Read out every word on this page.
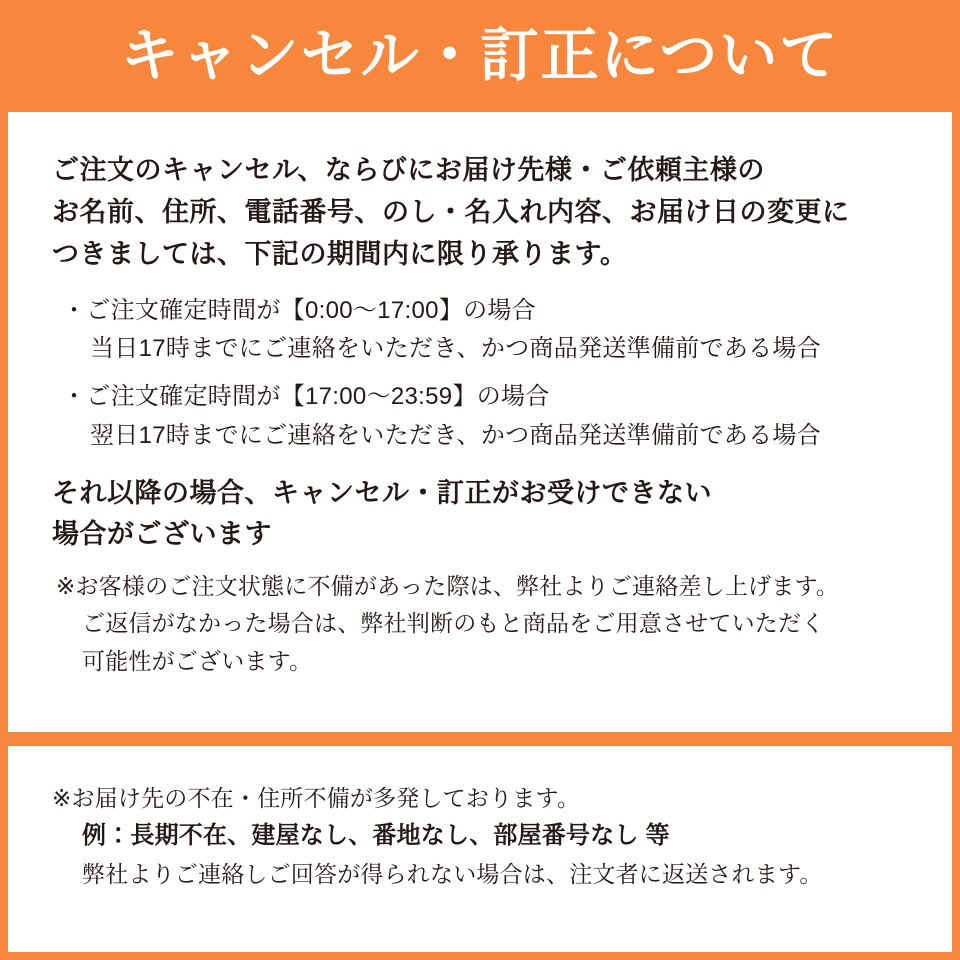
キャンセル・訂正について

ご注文のキャンセル、ならびにお届け先様・ご依頼主様の
お名前、住所、電話番号、のし・名入れ内容、お届け日の変更に
つきましては、下記の期間内に限り承ります。

・ご注文確定時間が【0:00〜17:00】の場合

当日17時までにご連絡をいただき、かつ商品発送準備前である場合

・ご注文確定時間が【17:00〜23:59】の場合

翌日17時までにご連絡をいただき、かつ商品発送準備前である場合

それ以降の場合、キャンセル・訂正がお受けできない
場合がございます

※お客様のご注文状態に不備があった際は、弊社よりご連絡差し上げます。
ご返信がなかった場合は、弊社判断のもと商品をご用意させていただく
可能性がございます。

※お届け先の不在・住所不備が多発しております。

例：長期不在、建屋なし、番地なし、部屋番号なし 等

弊社よりご連絡しご回答が得られない場合は、注文者に返送されます。
